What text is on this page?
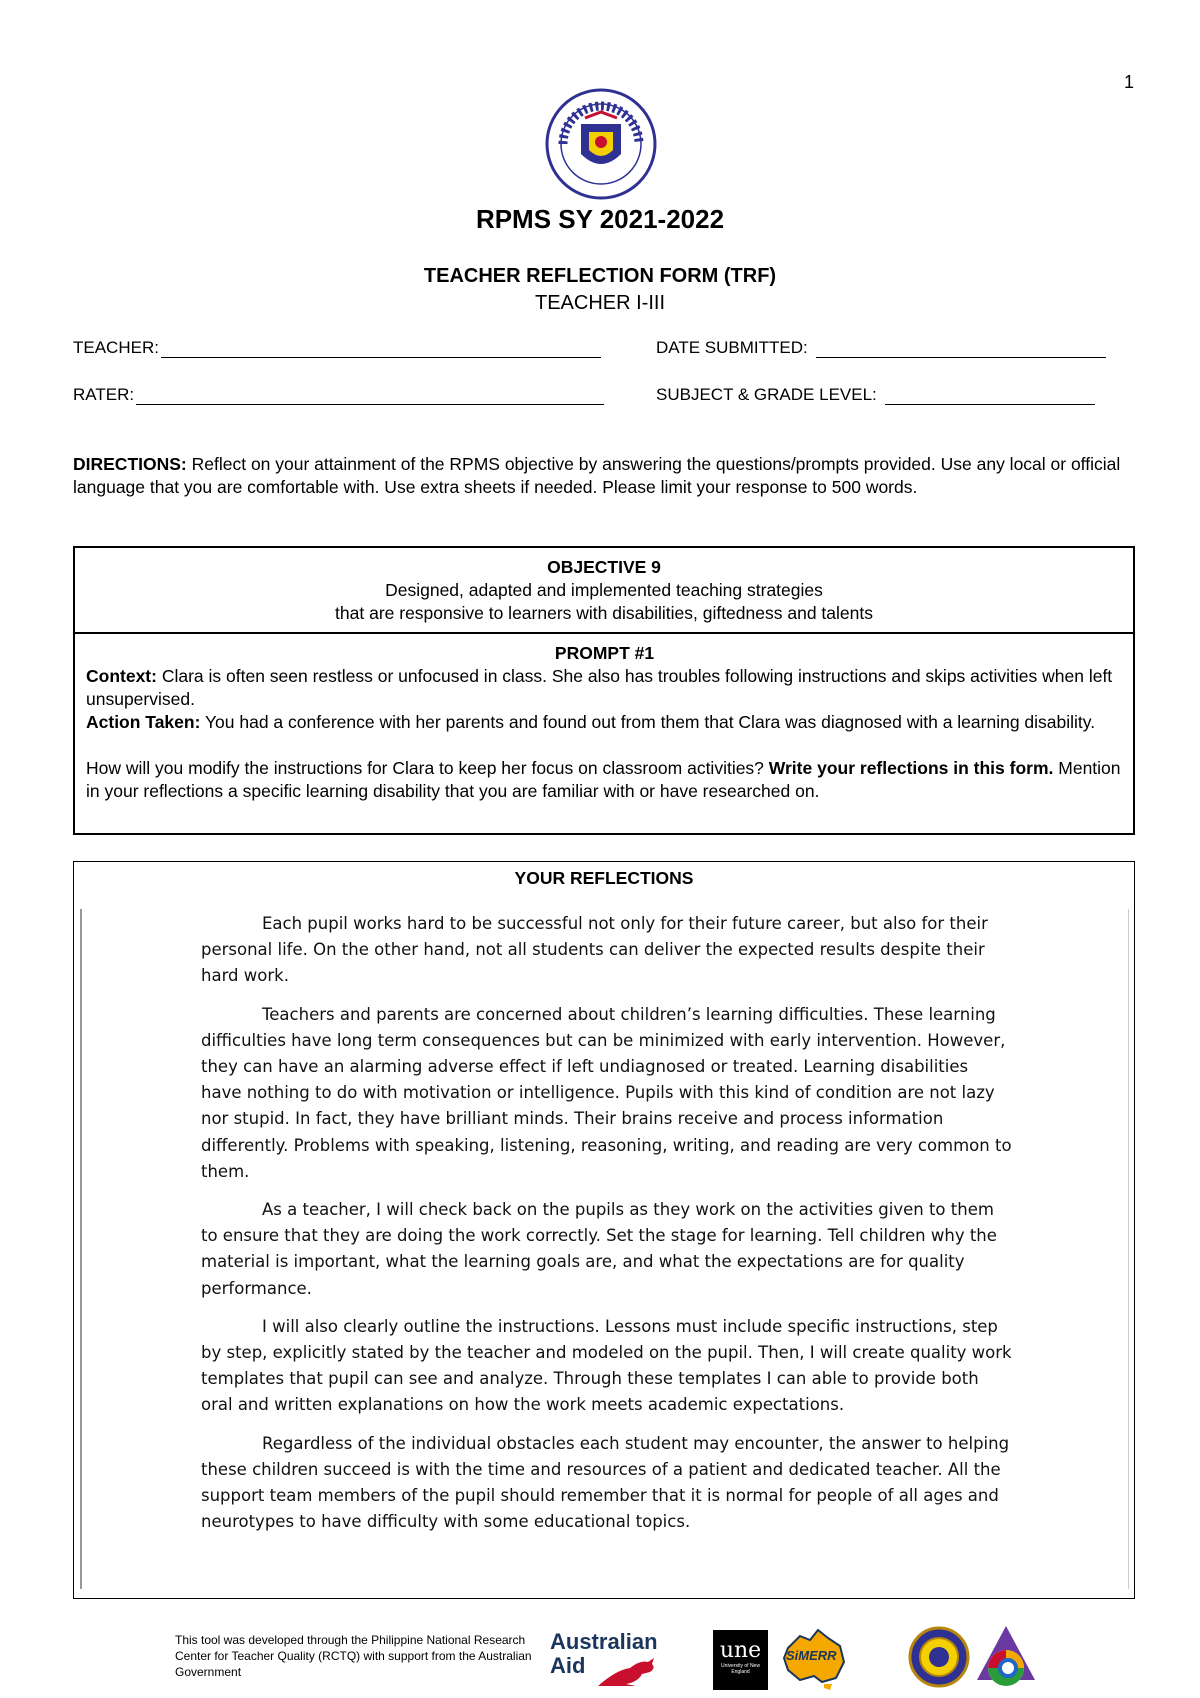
1
RPMS SY 2021-2022
TEACHER REFLECTION FORM (TRF)
TEACHER I-III
TEACHER:	DATE SUBMITTED:
RATER:	SUBJECT & GRADE LEVEL:
DIRECTIONS: Reflect on your attainment of the RPMS objective by answering the questions/prompts provided. Use any local or official language that you are comfortable with. Use extra sheets if needed. Please limit your response to 500 words.
OBJECTIVE 9
Designed, adapted and implemented teaching strategies
that are responsive to learners with disabilities, giftedness and talents
PROMPT #1
Context: Clara is often seen restless or unfocused in class. She also has troubles following instructions and skips activities when left unsupervised.
Action Taken: You had a conference with her parents and found out from them that Clara was diagnosed with a learning disability.
How will you modify the instructions for Clara to keep her focus on classroom activities? Write your reflections in this form. Mention in your reflections a specific learning disability that you are familiar with or have researched on.
YOUR REFLECTIONS

Each pupil works hard to be successful not only for their future career, but also for their personal life. On the other hand, not all students can deliver the expected results despite their hard work.

Teachers and parents are concerned about children’s learning difficulties. These learning difficulties have long term consequences but can be minimized with early intervention. However, they can have an alarming adverse effect if left undiagnosed or treated. Learning disabilities have nothing to do with motivation or intelligence. Pupils with this kind of condition are not lazy nor stupid. In fact, they have brilliant minds. Their brains receive and process information differently. Problems with speaking, listening, reasoning, writing, and reading are very common to them.

As a teacher, I will check back on the pupils as they work on the activities given to them to ensure that they are doing the work correctly. Set the stage for learning. Tell children why the material is important, what the learning goals are, and what the expectations are for quality performance.

I will also clearly outline the instructions. Lessons must include specific instructions, step by step, explicitly stated by the teacher and modeled on the pupil. Then, I will create quality work templates that pupil can see and analyze. Through these templates I can able to provide both oral and written explanations on how the work meets academic expectations.

Regardless of the individual obstacles each student may encounter, the answer to helping these children succeed is with the time and resources of a patient and dedicated teacher. All the support team members of the pupil should remember that it is normal for people of all ages and neurotypes to have difficulty with some educational topics.

This tool was developed through the Philippine National Research Center for Teacher Quality (RCTQ) with support from the Australian Government
Australian
Aid
une
University of New England
SiMERR
